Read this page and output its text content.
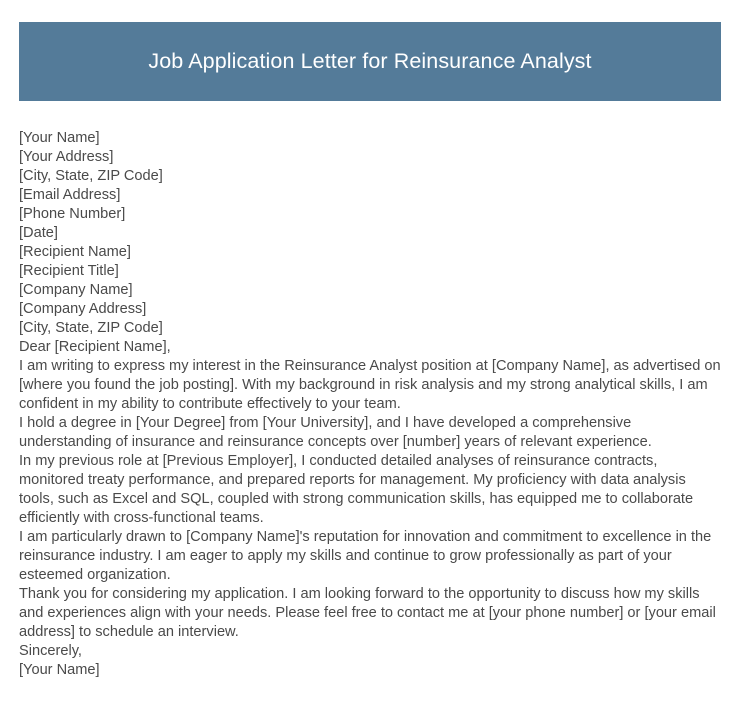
Job Application Letter for Reinsurance Analyst

[Your Name]

[Your Address]

[City, State, ZIP Code]

[Email Address]

[Phone Number]

[Date]

[Recipient Name]

[Recipient Title]

[Company Name]

[Company Address]

[City, State, ZIP Code]

Dear [Recipient Name],

I am writing to express my interest in the Reinsurance Analyst position at [Company Name], as advertised on [where you found the job posting]. With my background in risk analysis and my strong analytical skills, I am confident in my ability to contribute effectively to your team.

I hold a degree in [Your Degree] from [Your University], and I have developed a comprehensive understanding of insurance and reinsurance concepts over [number] years of relevant experience.

In my previous role at [Previous Employer], I conducted detailed analyses of reinsurance contracts, monitored treaty performance, and prepared reports for management. My proficiency with data analysis tools, such as Excel and SQL, coupled with strong communication skills, has equipped me to collaborate efficiently with cross-functional teams.

I am particularly drawn to [Company Name]'s reputation for innovation and commitment to excellence in the reinsurance industry. I am eager to apply my skills and continue to grow professionally as part of your esteemed organization.

Thank you for considering my application. I am looking forward to the opportunity to discuss how my skills and experiences align with your needs. Please feel free to contact me at [your phone number] or [your email address] to schedule an interview.

Sincerely,

[Your Name]
